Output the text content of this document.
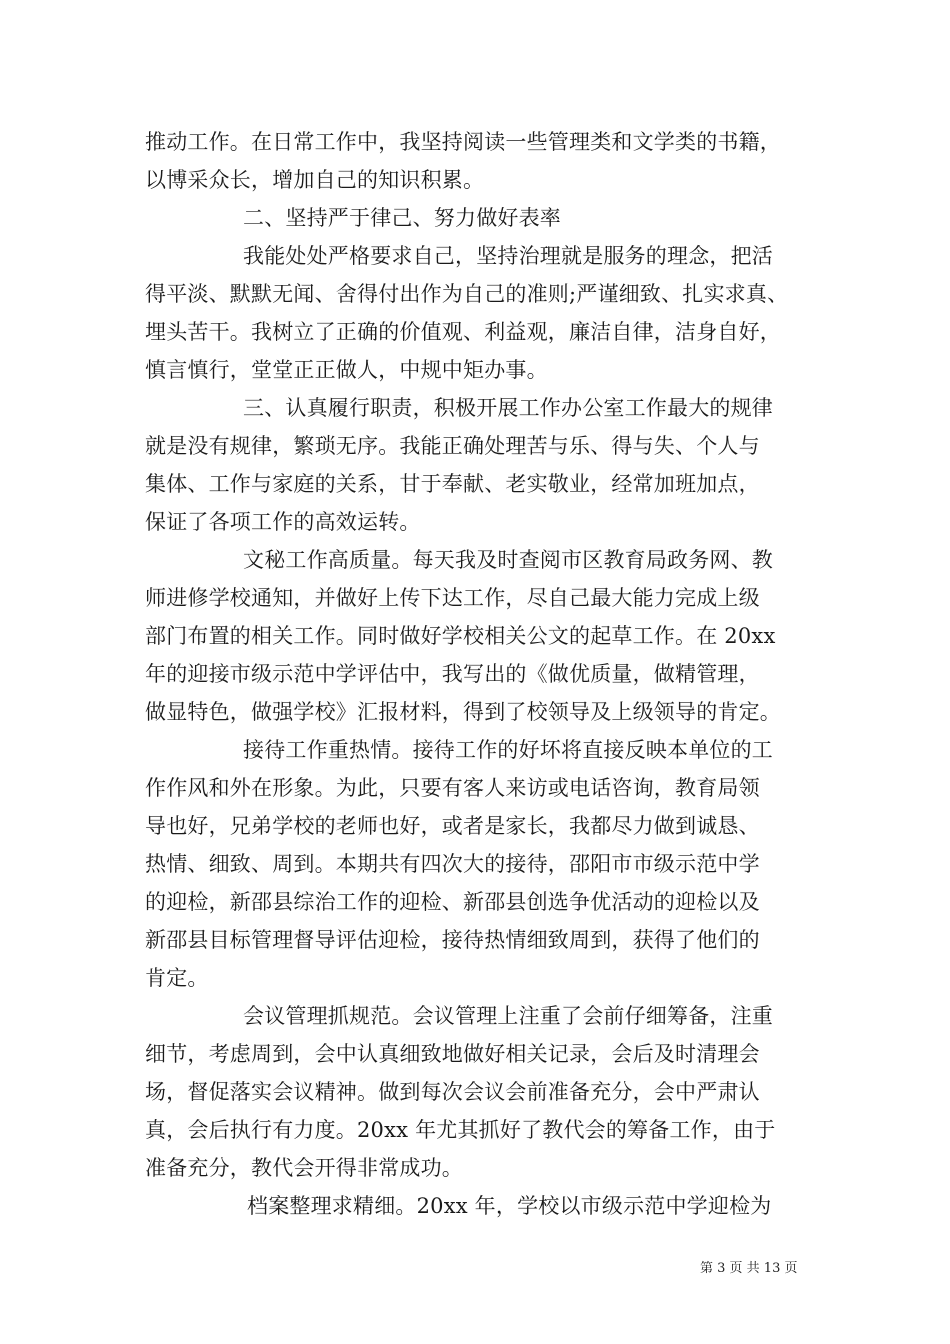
推动工作。在日常工作中，我坚持阅读一些管理类和文学类的书籍，
以博采众长，增加自己的知识积累。
二、坚持严于律己、努力做好表率
我能处处严格要求自己，坚持治理就是服务的理念，把活
得平淡、默默无闻、舍得付出作为自己的准则;严谨细致、扎实求真、
埋头苦干。我树立了正确的价值观、利益观，廉洁自律，洁身自好，
慎言慎行，堂堂正正做人，中规中矩办事。
三、认真履行职责，积极开展工作办公室工作最大的规律
就是没有规律，繁琐无序。我能正确处理苦与乐、得与失、个人与
集体、工作与家庭的关系，甘于奉献、老实敬业，经常加班加点，
保证了各项工作的高效运转。
文秘工作高质量。每天我及时查阅市区教育局政务网、教
师进修学校通知，并做好上传下达工作，尽自己最大能力完成上级
部门布置的相关工作。同时做好学校相关公文的起草工作。在 20xx
年的迎接市级示范中学评估中，我写出的《做优质量，做精管理，
做显特色，做强学校》汇报材料，得到了校领导及上级领导的肯定。
接待工作重热情。接待工作的好坏将直接反映本单位的工
作作风和外在形象。为此，只要有客人来访或电话咨询，教育局领
导也好，兄弟学校的老师也好，或者是家长，我都尽力做到诚恳、
热情、细致、周到。本期共有四次大的接待，邵阳市市级示范中学
的迎检，新邵县综治工作的迎检、新邵县创选争优活动的迎检以及
新邵县目标管理督导评估迎检，接待热情细致周到，获得了他们的
肯定。
会议管理抓规范。会议管理上注重了会前仔细筹备，注重
细节，考虑周到，会中认真细致地做好相关记录，会后及时清理会
场，督促落实会议精神。做到每次会议会前准备充分，会中严肃认
真，会后执行有力度。20xx 年尤其抓好了教代会的筹备工作，由于
准备充分，教代会开得非常成功。
档案整理求精细。20xx 年，学校以市级示范中学迎检为
第 3 页 共 13 页
